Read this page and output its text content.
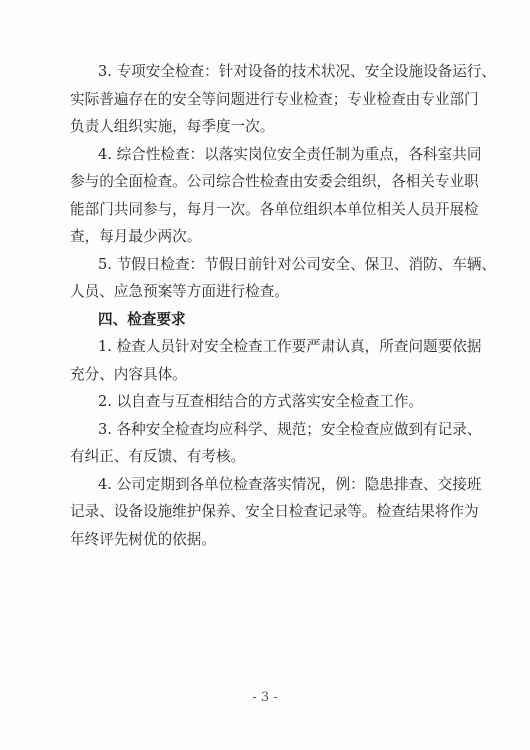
3. 专项安全检查：针对设备的技术状况、安全设施设备运行、
实际普遍存在的安全等问题进行专业检查；专业检查由专业部门
负责人组织实施，每季度一次。

4. 综合性检查：以落实岗位安全责任制为重点，各科室共同
参与的全面检查。公司综合性检查由安委会组织，各相关专业职
能部门共同参与，每月一次。各单位组织本单位相关人员开展检
查，每月最少两次。

5. 节假日检查：节假日前针对公司安全、保卫、消防、车辆、
人员、应急预案等方面进行检查。

四、检查要求

1. 检查人员针对安全检查工作要严肃认真，所查问题要依据
充分、内容具体。

2. 以自查与互查相结合的方式落实安全检查工作。

3. 各种安全检查均应科学、规范；安全检查应做到有记录、
有纠正、有反馈、有考核。

4. 公司定期到各单位检查落实情况，例：隐患排查、交接班
记录、设备设施维护保养、安全日检查记录等。检查结果将作为
年终评先树优的依据。

- 3 -
